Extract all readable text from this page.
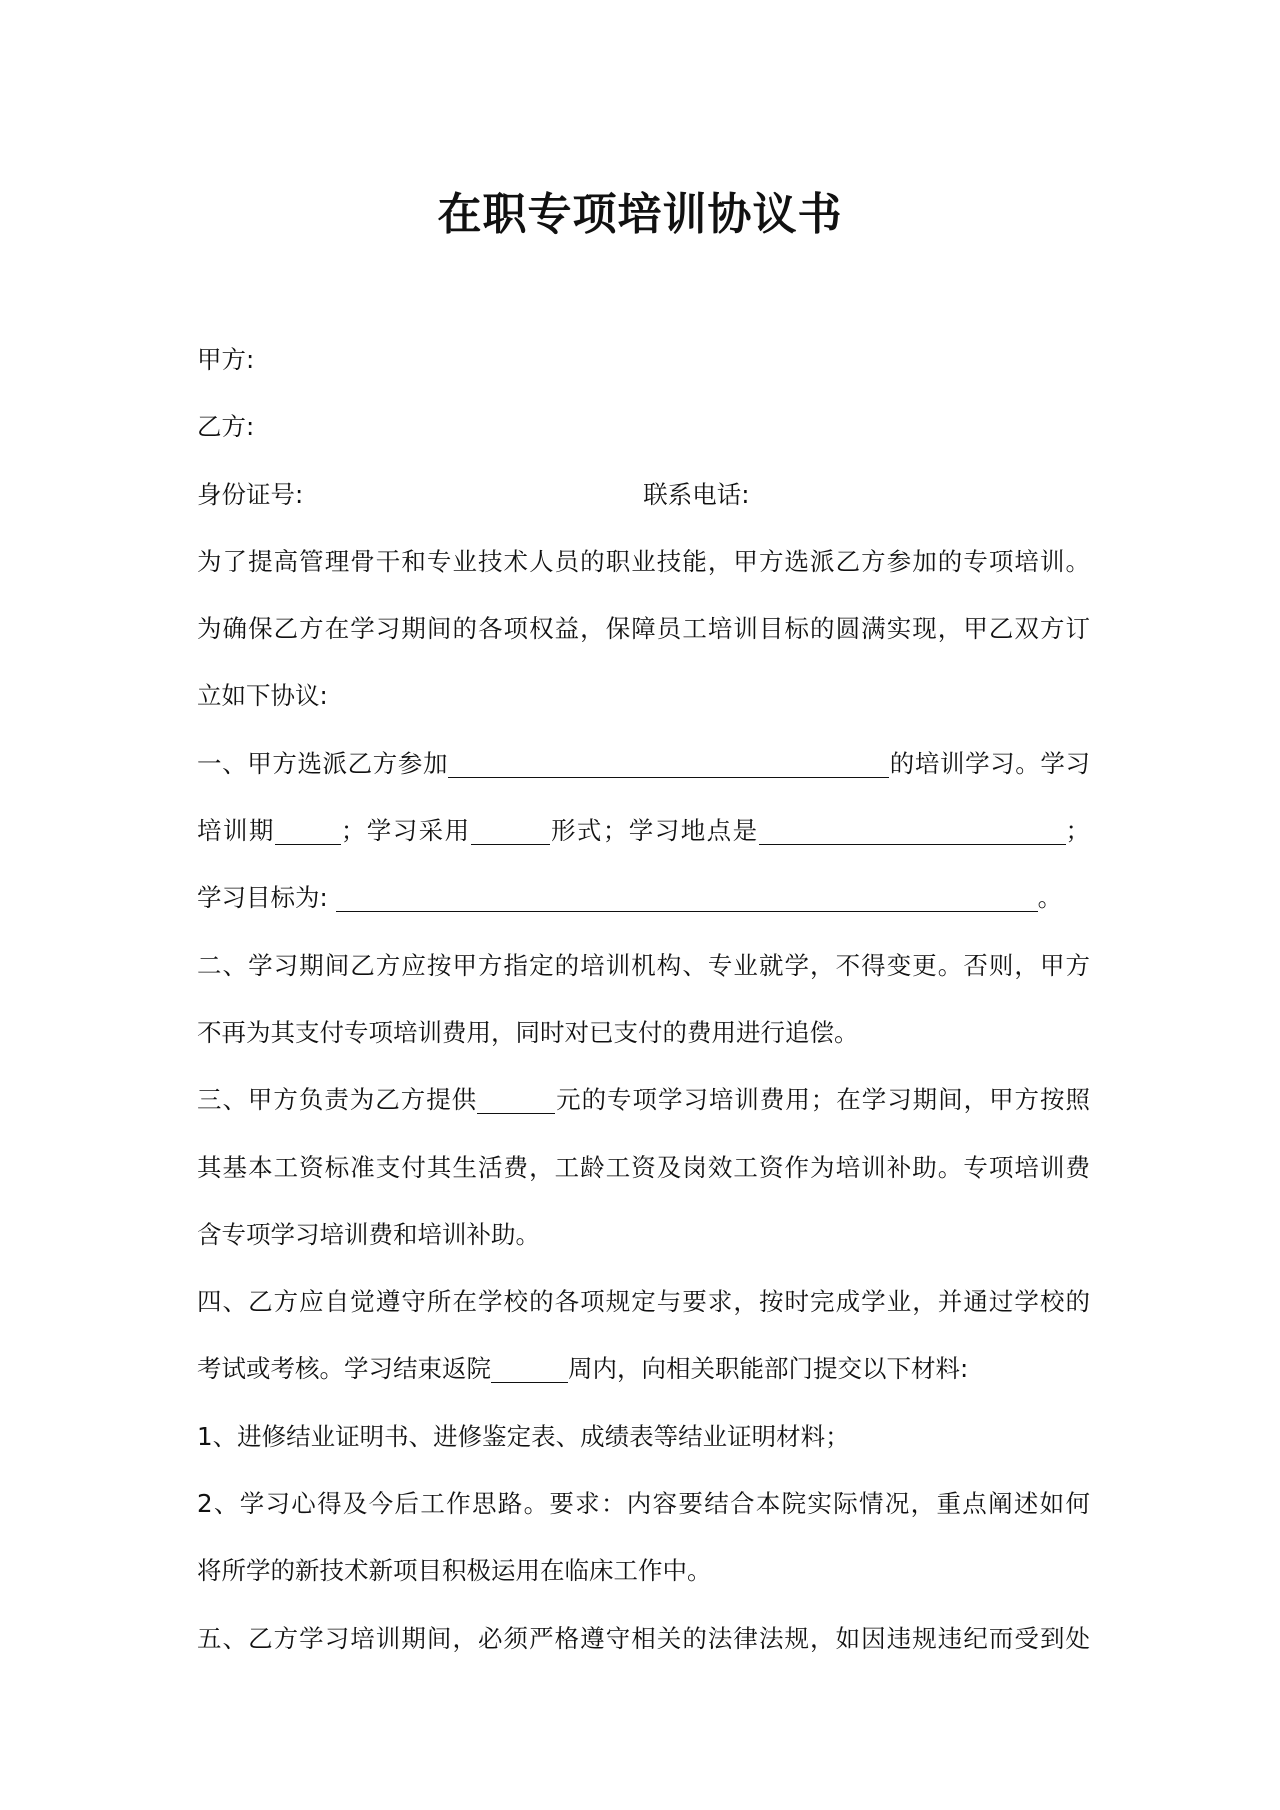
在职专项培训协议书
甲方:
乙方:
身份证号:	联系电话:
为了提高管理骨干和专业技术人员的职业技能，甲方选派乙方参加的专项培训。
为确保乙方在学习期间的各项权益，保障员工培训目标的圆满实现，甲乙双方订
立如下协议:
一、甲方选派乙方参加	的培训学习。学习
培训期	；学习采用	形式；学习地点是	；
学习目标为:	。
二、学习期间乙方应按甲方指定的培训机构、专业就学，不得变更。否则，甲方
不再为其支付专项培训费用，同时对已支付的费用进行追偿。
三、甲方负责为乙方提供	元的专项学习培训费用；在学习期间，甲方按照
其基本工资标准支付其生活费，工龄工资及岗效工资作为培训补助。专项培训费
含专项学习培训费和培训补助。
四、乙方应自觉遵守所在学校的各项规定与要求，按时完成学业，并通过学校的
考试或考核。学习结束返院	周内，向相关职能部门提交以下材料:
1、进修结业证明书、进修鉴定表、成绩表等结业证明材料；
2、学习心得及今后工作思路。要求：内容要结合本院实际情况，重点阐述如何
将所学的新技术新项目积极运用在临床工作中。
五、乙方学习培训期间，必须严格遵守相关的法律法规，如因违规违纪而受到处
